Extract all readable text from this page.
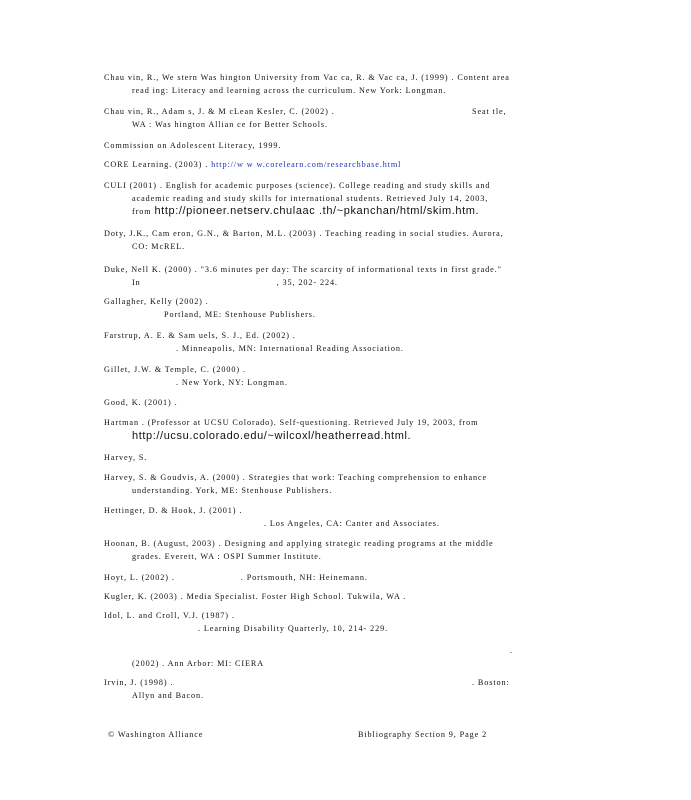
Chau vin, R., We stern Was hington University from Vac ca, R. & Vac ca, J. (1999) . Content area
read ing: Literacy and learning across the curriculum. New York: Longman.
Chau vin, R., Adam s, J. & M cLean Kesler, C. (2002) .	Seat tle,
WA : Was hington Allian ce for Better Schools.
Commission on Adolescent Literacy, 1999.
CORE Learning. (2003) . http://w w w.corelearn.com/researchbase.html
CULI (2001) . English for academic purposes (science). College reading and study skills and
academic reading and study skills for international students. Retrieved July 14, 2003,
from http://pioneer.netserv.chulaac .th/~pkanchan/html/skim.htm.
Doty, J.K., Cam eron, G.N., & Barton, M.L. (2003) . Teaching reading in social studies. Aurora,
CO: McREL.
Duke, Nell K. (2000) . "3.6 minutes per day: The scarcity of informational texts in first grade."
In	, 35, 202- 224.
Gallagher, Kelly (2002) .
Portland, ME: Stenhouse Publishers.
Farstrup, A. E. & Sam uels, S. J., Ed. (2002) .
. Minneapolis, MN: International Reading Association.
Gillet, J.W. & Temple, C. (2000) .
. New York, NY: Longman.
Good, K. (2001) .
Hartman . (Professor at UCSU Colorado). Self-questioning. Retrieved July 19, 2003, from
http://ucsu.colorado.edu/~wilcoxl/heatherread.html.
Harvey, S.
Harvey, S. & Goudvis, A. (2000) . Strategies that work: Teaching comprehension to enhance
understanding. York, ME: Stenhouse Publishers.
Hettinger, D. & Hook, J. (2001) .
. Los Angeles, CA: Canter and Associates.
Hoonan, B. (August, 2003) . Designing and applying strategic reading programs at the middle
grades. Everett, WA : OSPI Summer Institute.
Hoyt, L. (2002) .	. Portsmouth, NH: Heinemann.
Kugler, K. (2003) . Media Specialist. Foster High School. Tukwila, WA .
Idol, L. and Croll, V.J. (1987) .
. Learning Disability Quarterly, 10, 214- 229.

.
(2002) . Ann Arbor: MI: CIERA
Irvin, J. (1998) .	. Boston:
Allyn and Bacon.
© Washington Alliance	Bibliography Section 9, Page 2
